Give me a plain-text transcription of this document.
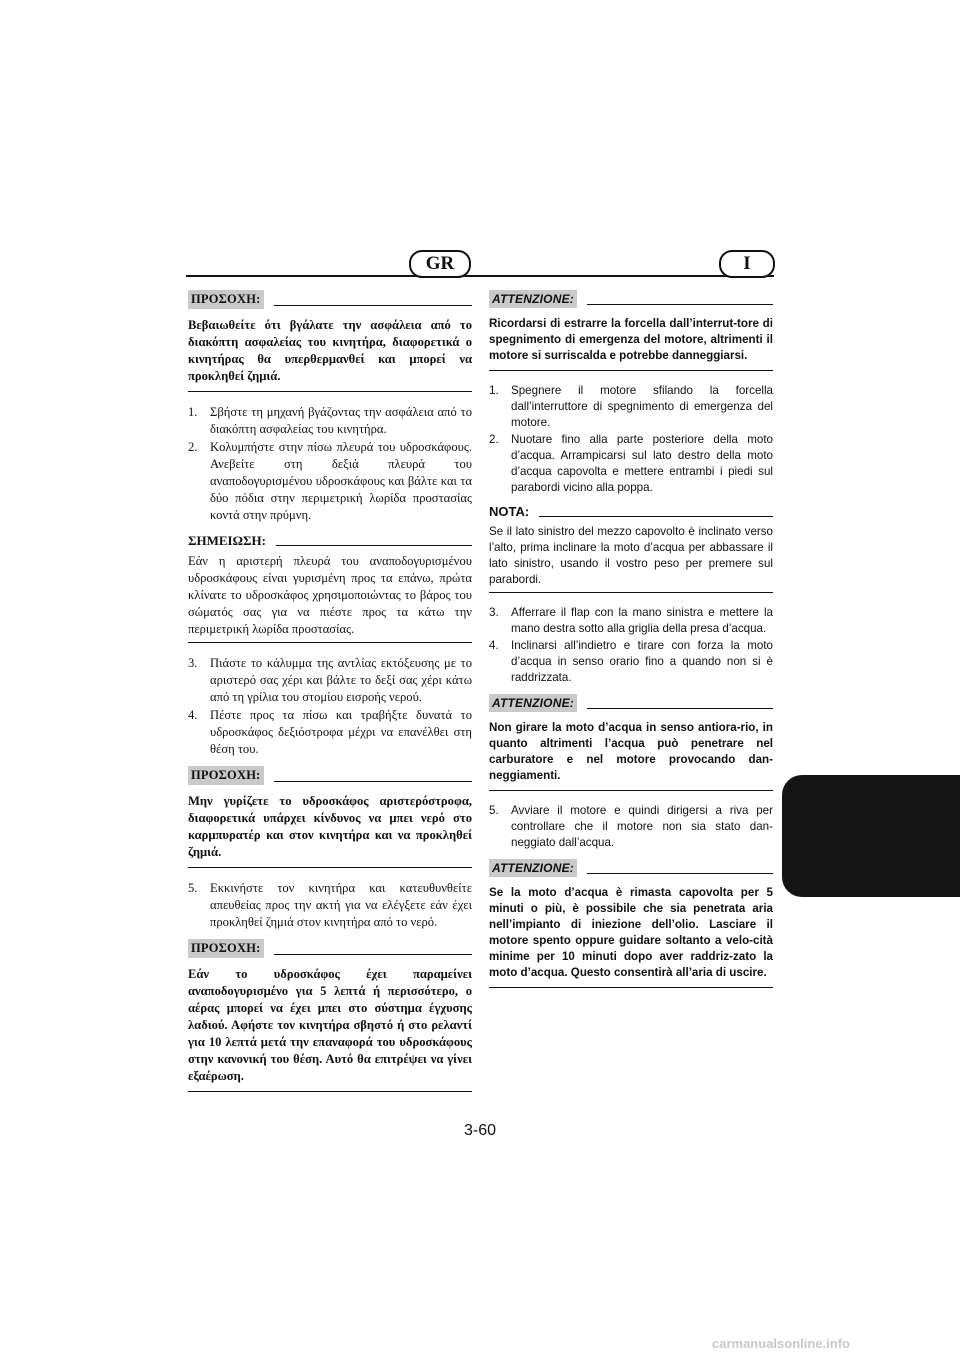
GR	I
ΠΡΟΣΟΧΗ:
Βεβαιωθείτε ότι βγάλατε την ασφάλεια από το διακόπτη ασφαλείας του κινητήρα, διαφορετικά ο κινητήρας θα υπερθερμανθεί και μπορεί να προκληθεί ζημιά.
1. Σβήστε τη μηχανή βγάζοντας την ασφάλεια από το διακόπτη ασφαλείας του κινητήρα.
2. Κολυμπήστε στην πίσω πλευρά του υδροσκάφους. Ανεβείτε στη δεξιά πλευρά του αναποδογυρισμένου υδροσκάφους και βάλτε και τα δύο πόδια στην περιμετρική λωρίδα προστασίας κοντά στην πρύμνη.
ΣΗΜΕΙΩΣΗ:
Εάν η αριστερή πλευρά του αναποδογυρισμένου υδροσκάφους είναι γυρισμένη προς τα επάνω, πρώτα κλίνατε το υδροσκάφος χρησιμοποιώντας το βάρος του σώματός σας για να πιέστε προς τα κάτω την περιμετρική λωρίδα προστασίας.
3. Πιάστε το κάλυμμα της αντλίας εκτόξευσης με το αριστερό σας χέρι και βάλτε το δεξί σας χέρι κάτω από τη γρίλια του στομίου εισροής νερού.
4. Πέστε προς τα πίσω και τραβήξτε δυνατά το υδροσκάφος δεξιόστροφα μέχρι να επανέλθει στη θέση του.
ΠΡΟΣΟΧΗ:
Μην γυρίζετε το υδροσκάφος αριστερόστροφα, διαφορετικά υπάρχει κίνδυνος να μπει νερό στο καρμπυρατέρ και στον κινητήρα και να προκληθεί ζημιά.
5. Εκκινήστε τον κινητήρα και κατευθυνθείτε απευθείας προς την ακτή για να ελέγξετε εάν έχει προκληθεί ζημιά στον κινητήρα από το νερό.
ΠΡΟΣΟΧΗ:
Εάν το υδροσκάφος έχει παραμείνει αναποδογυρισμένο για 5 λεπτά ή περισσότερο, ο αέρας μπορεί να έχει μπει στο σύστημα έγχυσης λαδιού. Αφήστε τον κινητήρα σβηστό ή στο ρελαντί για 10 λεπτά μετά την επαναφορά του υδροσκάφους στην κανονική του θέση. Αυτό θα επιτρέψει να γίνει εξαέρωση.
ATTENZIONE:
Ricordarsi di estrarre la forcella dall’interrut-tore di spegnimento di emergenza del motore, altrimenti il motore si surriscalda e potrebbe danneggiarsi.
1.	Spegnere il motore sfilando la forcella dall’interruttore di spegnimento di emergenza del motore.
2.	Nuotare fino alla parte posteriore della moto d’acqua. Arrampicarsi sul lato destro della moto d’acqua capovolta e mettere entrambi i piedi sul parabordi vicino alla poppa.
NOTA:
Se il lato sinistro del mezzo capovolto è inclinato verso l’alto, prima inclinare la moto d’acqua per abbassare il lato sinistro, usando il vostro peso per premere sul parabordi.
3.	Afferrare il flap con la mano sinistra e mettere la mano destra sotto alla griglia della presa d’acqua.
4.	Inclinarsi all’indietro e tirare con forza la moto d’acqua in senso orario fino a quando non si è raddrizzata.
ATTENZIONE:
Non girare la moto d’acqua in senso antiora-rio, in quanto altrimenti l’acqua può penetrare nel carburatore e nel motore provocando dan-neggiamenti.
5.	Avviare il motore e quindi dirigersi a riva per controllare che il motore non sia stato dan-neggiato dall’acqua.
ATTENZIONE:
Se la moto d’acqua è rimasta capovolta per 5 minuti o più, è possibile che sia penetrata aria nell’impianto di iniezione dell’olio. Lasciare il motore spento oppure guidare soltanto a velo-cità minime per 10 minuti dopo aver raddriz-zato la moto d’acqua. Questo consentirà all’aria di uscire.
3-60
carmanualsonline.info
